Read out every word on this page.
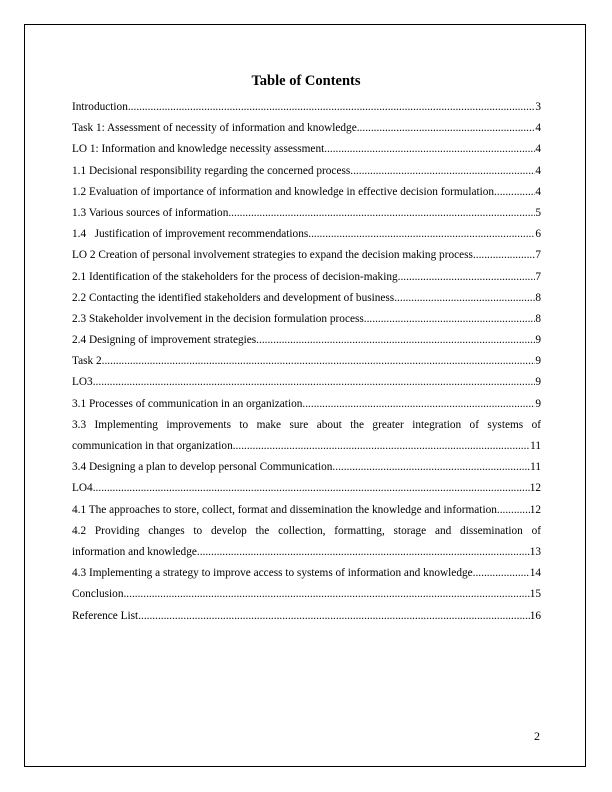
Table of Contents
Introduction .....	3
Task 1: Assessment of necessity of information and knowledge .....	4
LO 1: Information and knowledge necessity assessment .....	4
1.1 Decisional responsibility regarding the concerned process .....	4
1.2 Evaluation of importance of information and knowledge in effective decision formulation .....	4
1.3 Various sources of information .....	5
1.4   Justification of improvement recommendations .....	6
LO 2 Creation of personal involvement strategies to expand the decision making process .....	7
2.1 Identification of the stakeholders for the process of decision-making .....	7
2.2 Contacting the identified stakeholders and development of business .....	8
2.3 Stakeholder involvement in the decision formulation process .....	8
2.4 Designing of improvement strategies .....	9
Task 2 .....	9
LO3 .....	9
3.1 Processes of communication in an organization .....	9
3.3 Implementing improvements to make sure about the greater integration of systems of
communication in that organization .....	11
3.4 Designing a plan to develop personal Communication .....	11
LO4 .....	12
4.1 The approaches to store, collect, format and dissemination the knowledge and information. .....	12
4.2 Providing changes to develop the collection, formatting, storage and dissemination of
information and knowledge .....	13
4.3 Implementing a strategy to improve access to systems of information and knowledge .....	14
Conclusion .....	15
Reference List .....	16
2
